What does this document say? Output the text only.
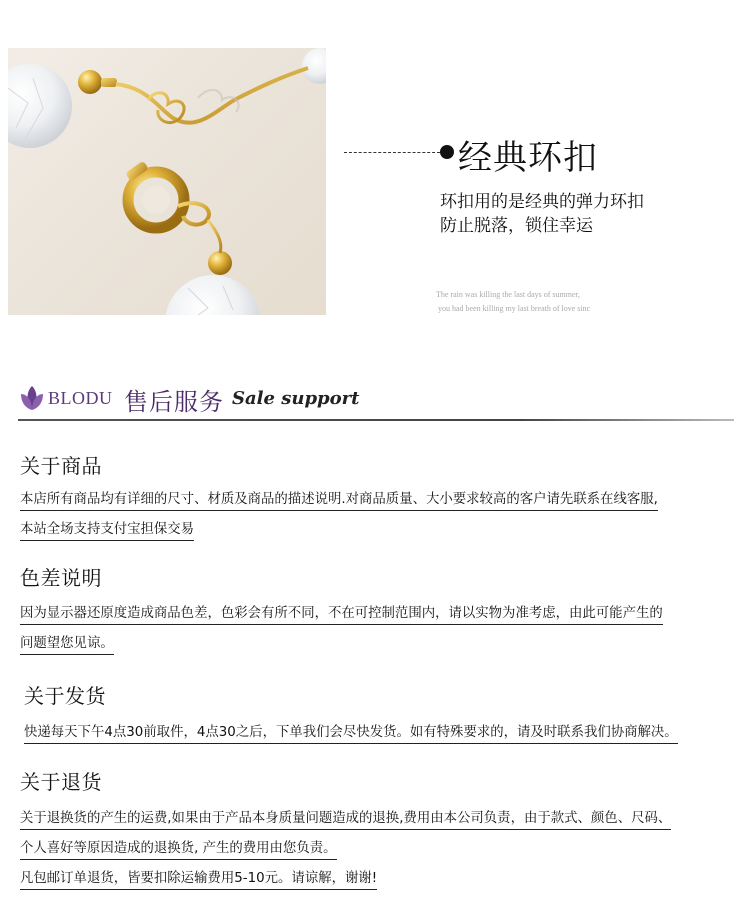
经典环扣
环扣用的是经典的弹力环扣
防止脱落，锁住幸运
The rain was killing the last days of summer,
you had been killing my last breath of love sinc
BLODU 售后服务 Sale support
关于商品
本店所有商品均有详细的尺寸、材质及商品的描述说明.对商品质量、大小要求较高的客户请先联系在线客服,
本站全场支持支付宝担保交易
色差说明
因为显示器还原度造成商品色差，色彩会有所不同，不在可控制范围内，请以实物为准考虑，由此可能产生的
问题望您见谅。
关于发货
快递每天下午4点30前取件，4点30之后，下单我们会尽快发货。如有特殊要求的，请及时联系我们协商解决。
关于退货
关于退换货的产生的运费,如果由于产品本身质量问题造成的退换,费用由本公司负责，由于款式、颜色、尺码、
个人喜好等原因造成的退换货, 产生的费用由您负责。
凡包邮订单退货，皆要扣除运输费用5-10元。请谅解，谢谢!
